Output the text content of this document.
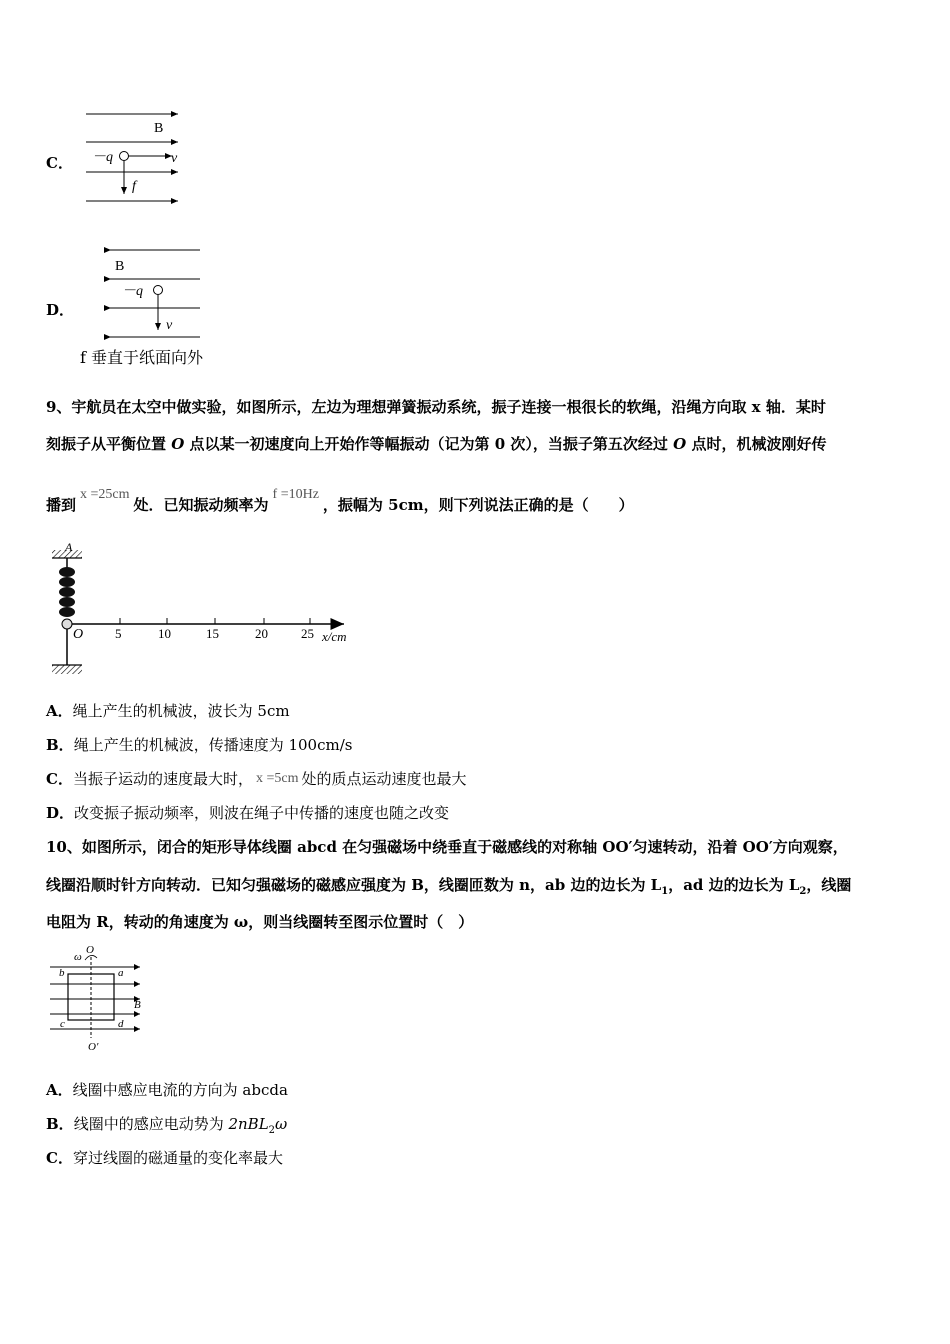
C．
B
－q	v
f
D．
B
－q
v
f 垂直于纸面向外
9、宇航员在太空中做实验，如图所示，左边为理想弹簧振动系统，振子连接一根很长的软绳，沿绳方向取 x 轴．某时
刻振子从平衡位置 O 点以某一初速度向上开始作等幅振动（记为第 0 次），当振子第五次经过 O 点时，机械波刚好传
播到x =25cm处．已知振动频率为f =10Hz，振幅为 5cm，则下列说法正确的是（　　）
A
O 5	10	15	20	25 x/cm
A．绳上产生的机械波，波长为 5cm
B．绳上产生的机械波，传播速度为 100cm/s
C．当振子运动的速度最大时， x =5cm 处的质点运动速度也最大
D．改变振子振动频率，则波在绳子中传播的速度也随之改变
10、如图所示，闭合的矩形导体线圈 abcd 在匀强磁场中绕垂直于磁感线的对称轴 OO′匀速转动，沿着 OO′方向观察，
线圈沿顺时针方向转动．已知匀强磁场的磁感应强度为 B，线圈匝数为 n，ab 边的边长为 $L_1$，ad 边的边长为 $L_2$，线圈
电阻为 R，转动的角速度为 ω，则当线圈转至图示位置时（　）
ω
O
b	a
c	d
B
O′
A．线圈中感应电流的方向为 abcda
B．线圈中的感应电动势为 2nBL$_2$ω
C．穿过线圈的磁通量的变化率最大
